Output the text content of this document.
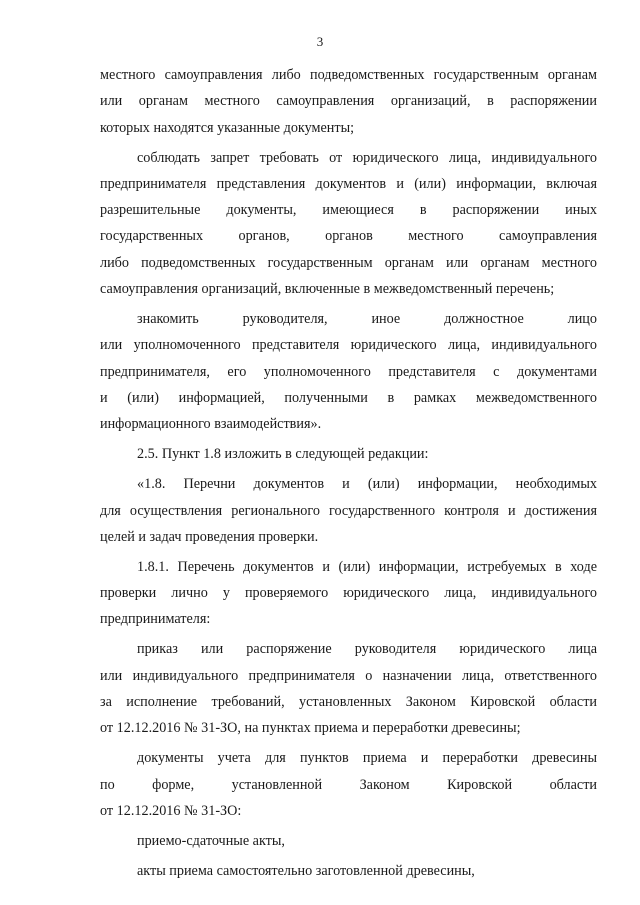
3
местного самоуправления либо подведомственных государственным органам
или органам местного самоуправления организаций, в распоряжении
которых находятся указанные документы;
соблюдать запрет требовать от юридического лица, индивидуального
предпринимателя представления документов и (или) информации, включая
разрешительные документы, имеющиеся в распоряжении иных
государственных органов, органов местного самоуправления
либо подведомственных государственным органам или органам местного
самоуправления организаций, включенные в межведомственный перечень;
знакомить руководителя, иное должностное лицо
или уполномоченного представителя юридического лица, индивидуального
предпринимателя, его уполномоченного представителя с документами
и (или) информацией, полученными в рамках межведомственного
информационного взаимодействия».
2.5. Пункт 1.8 изложить в следующей редакции:
«1.8. Перечни документов и (или) информации, необходимых
для осуществления регионального государственного контроля и достижения
целей и задач проведения проверки.
1.8.1. Перечень документов и (или) информации, истребуемых в ходе
проверки лично у проверяемого юридического лица, индивидуального
предпринимателя:
приказ или распоряжение руководителя юридического лица
или индивидуального предпринимателя о назначении лица, ответственного
за исполнение требований, установленных Законом Кировской области
от 12.12.2016 № 31-ЗО, на пунктах приема и переработки древесины;
документы учета для пунктов приема и переработки древесины
по форме, установленной Законом Кировской области
от 12.12.2016 № 31-ЗО:
приемо-сдаточные акты,
акты приема самостоятельно заготовленной древесины,
